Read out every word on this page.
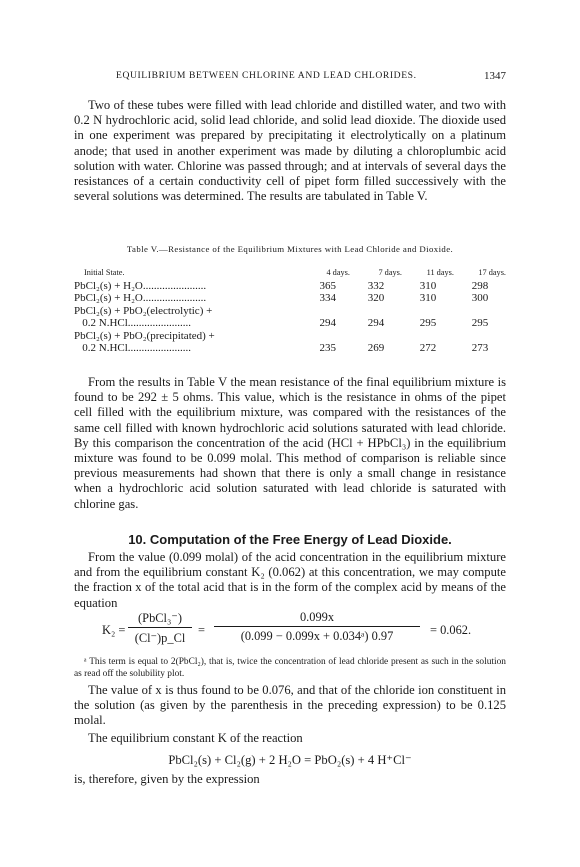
EQUILIBRIUM BETWEEN CHLORINE AND LEAD CHLORIDES.	1347

Two of these tubes were filled with lead chloride and distilled water, and two with 0.2 N hydrochloric acid, solid lead chloride, and solid lead dioxide. The dioxide used in one experiment was prepared by precipitating it electrolytically on a platinum anode; that used in another experiment was made by diluting a chloroplumbic acid solution with water. Chlorine was passed through; and at intervals of several days the resistances of a certain conductivity cell of pipet form filled successively with the several solutions was determined. The results are tabulated in Table V.

Table V.—Resistance of the Equilibrium Mixtures with Lead Chloride and Dioxide.
Initial State.	4 days.	7 days.	11 days.	17 days.
PbCl₂(s) + H₂O.......................	365	332	310	298
PbCl₂(s) + H₂O.......................	334	320	310	300
PbCl₂(s) + PbO₂(electrolytic) +				
0.2 N.HCl.......................	294	294	295	295
PbCl₂(s) + PbO₂(precipitated) +				
0.2 N.HCl.......................	235	269	272	273

From the results in Table V the mean resistance of the final equilibrium mixture is found to be 292 ± 5 ohms. This value, which is the resistance in ohms of the pipet cell filled with the equilibrium mixture, was compared with the resistances of the same cell filled with known hydrochloric acid solutions saturated with lead chloride. By this comparison the concentration of the acid (HCl + HPbCl₃) in the equilibrium mixture was found to be 0.099 molal. This method of comparison is reliable since previous measurements had shown that there is only a small change in resistance when a hydrochloric acid solution saturated with lead chloride is saturated with chlorine gas.

10. Computation of the Free Energy of Lead Dioxide.

From the value (0.099 molal) of the acid concentration in the equilibrium mixture and from the equilibrium constant K₂ (0.062) at this concentration, we may compute the fraction x of the total acid that is in the form of the complex acid by means of the equation

K₂ =
(PbCl₃⁻)
(Cl⁻)p_Cl
= $\frac{0.099x}{\text{(0.099 − 0.099x + 0.034ᵃ) 0.97}} = 0.062$.

ᵃ This term is equal to 2(PbCl₂), that is, twice the concentration of lead chloride present as such in the solution as read off the solubility plot.

The value of x is thus found to be 0.076, and that of the chloride ion constituent in the solution (as given by the parenthesis in the preceding expression) to be 0.125 molal.

The equilibrium constant K of the reaction

PbCl₂(s) + Cl₂(g) + 2 H₂O = PbO₂(s) + 4 H⁺Cl⁻

is, therefore, given by the expression
